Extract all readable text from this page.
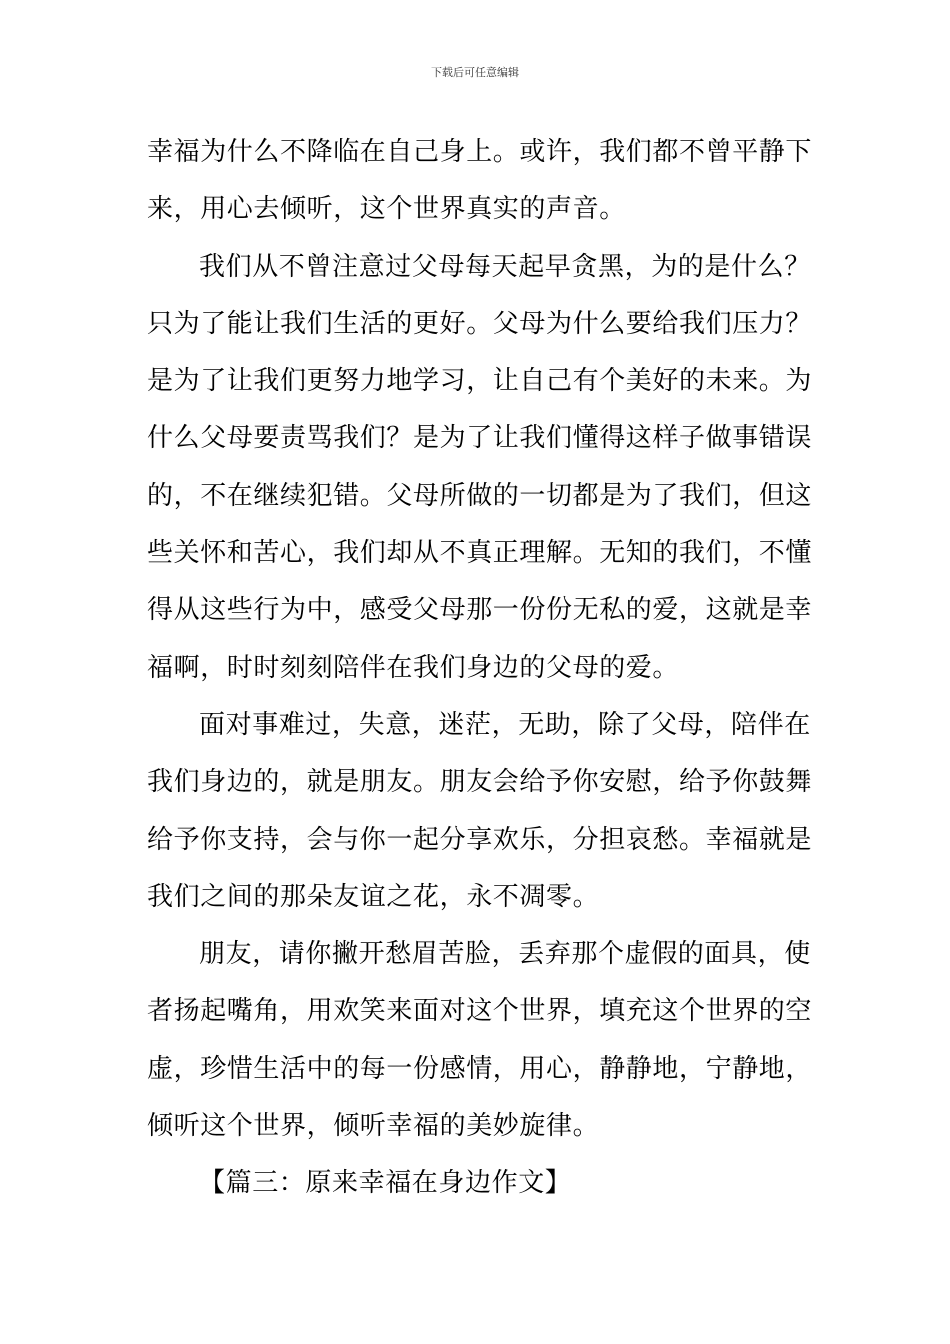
下载后可任意编辑
幸福为什么不降临在自己身上。或许，我们都不曾平静下
来，用心去倾听，这个世界真实的声音。
我们从不曾注意过父母每天起早贪黑，为的是什么？
只为了能让我们生活的更好。父母为什么要给我们压力？
是为了让我们更努力地学习，让自己有个美好的未来。为
什么父母要责骂我们？是为了让我们懂得这样子做事错误
的，不在继续犯错。父母所做的一切都是为了我们，但这
些关怀和苦心，我们却从不真正理解。无知的我们，不懂
得从这些行为中，感受父母那一份份无私的爱，这就是幸
福啊，时时刻刻陪伴在我们身边的父母的爱。
面对事难过，失意，迷茫，无助，除了父母，陪伴在
我们身边的，就是朋友。朋友会给予你安慰，给予你鼓舞
给予你支持，会与你一起分享欢乐，分担哀愁。幸福就是
我们之间的那朵友谊之花，永不凋零。
朋友，请你撇开愁眉苦脸，丢弃那个虚假的面具，使
者扬起嘴角，用欢笑来面对这个世界，填充这个世界的空
虚，珍惜生活中的每一份感情，用心，静静地，宁静地，
倾听这个世界，倾听幸福的美妙旋律。
【篇三：原来幸福在身边作文】
